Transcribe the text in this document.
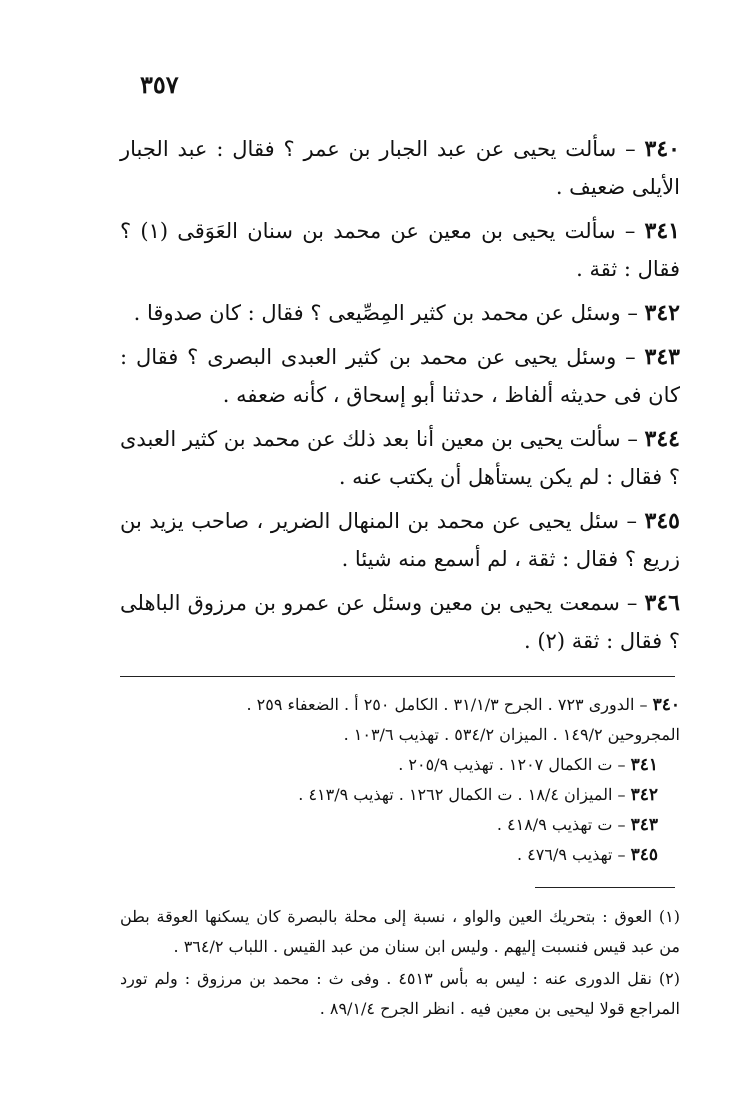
٣٥٧

٣٤٠ – سألت يحيى عن عبد الجبار بن عمر ؟ فقال : عبد الجبار الأيلى ضعيف .

٣٤١ – سألت يحيى بن معين عن محمد بن سنان العَوَقى (١) ؟ فقال : ثقة .

٣٤٢ – وسئل عن محمد بن كثير المِصِّيعى ؟ فقال : كان صدوقا .

٣٤٣ – وسئل يحيى عن محمد بن كثير العبدى البصرى ؟ فقال : كان فى حديثه ألفاظ ، حدثنا أبو إسحاق ، كأنه ضعفه .

٣٤٤ – سألت يحيى بن معين أنا بعد ذلك عن محمد بن كثير العبدى ؟ فقال : لم يكن يستأهل أن يكتب عنه .

٣٤٥ – سئل يحيى عن محمد بن المنهال الضرير ، صاحب يزيد بن زريع ؟ فقال : ثقة ، لم أسمع منه شيئا .

٣٤٦ – سمعت يحيى بن معين وسئل عن عمرو بن مرزوق الباهلى ؟ فقال : ثقة (٢) .

٣٤٠ – الدورى ٧٢٣ . الجرح ٣١/١/٣ . الكامل ٢٥٠ أ . الضعفاء ٢٥٩ .
المجروحين ١٤٩/٢ . الميزان ٥٣٤/٢ . تهذيب ١٠٣/٦ .
٣٤١ – ت الكمال ١٢٠٧ . تهذيب ٢٠٥/٩ .
٣٤٢ – الميزان ١٨/٤ . ت الكمال ١٢٦٢ . تهذيب ٤١٣/٩ .
٣٤٣ – ت تهذيب ٤١٨/٩ .
٣٤٥ – تهذيب ٤٧٦/٩ .
(١) العوق : بتحريك العين والواو ، نسبة إلى محلة بالبصرة كان يسكنها العوقة بطن من عبد قيس فنسبت إليهم . وليس ابن سنان من عبد القيس . اللباب ٣٦٤/٢ .
(٢) نقل الدورى عنه : ليس به بأس ٤٥١٣ . وفى ث : محمد بن مرزوق : ولم تورد المراجع قولا ليحيى بن معين فيه . انظر الجرح ٨٩/١/٤ .
